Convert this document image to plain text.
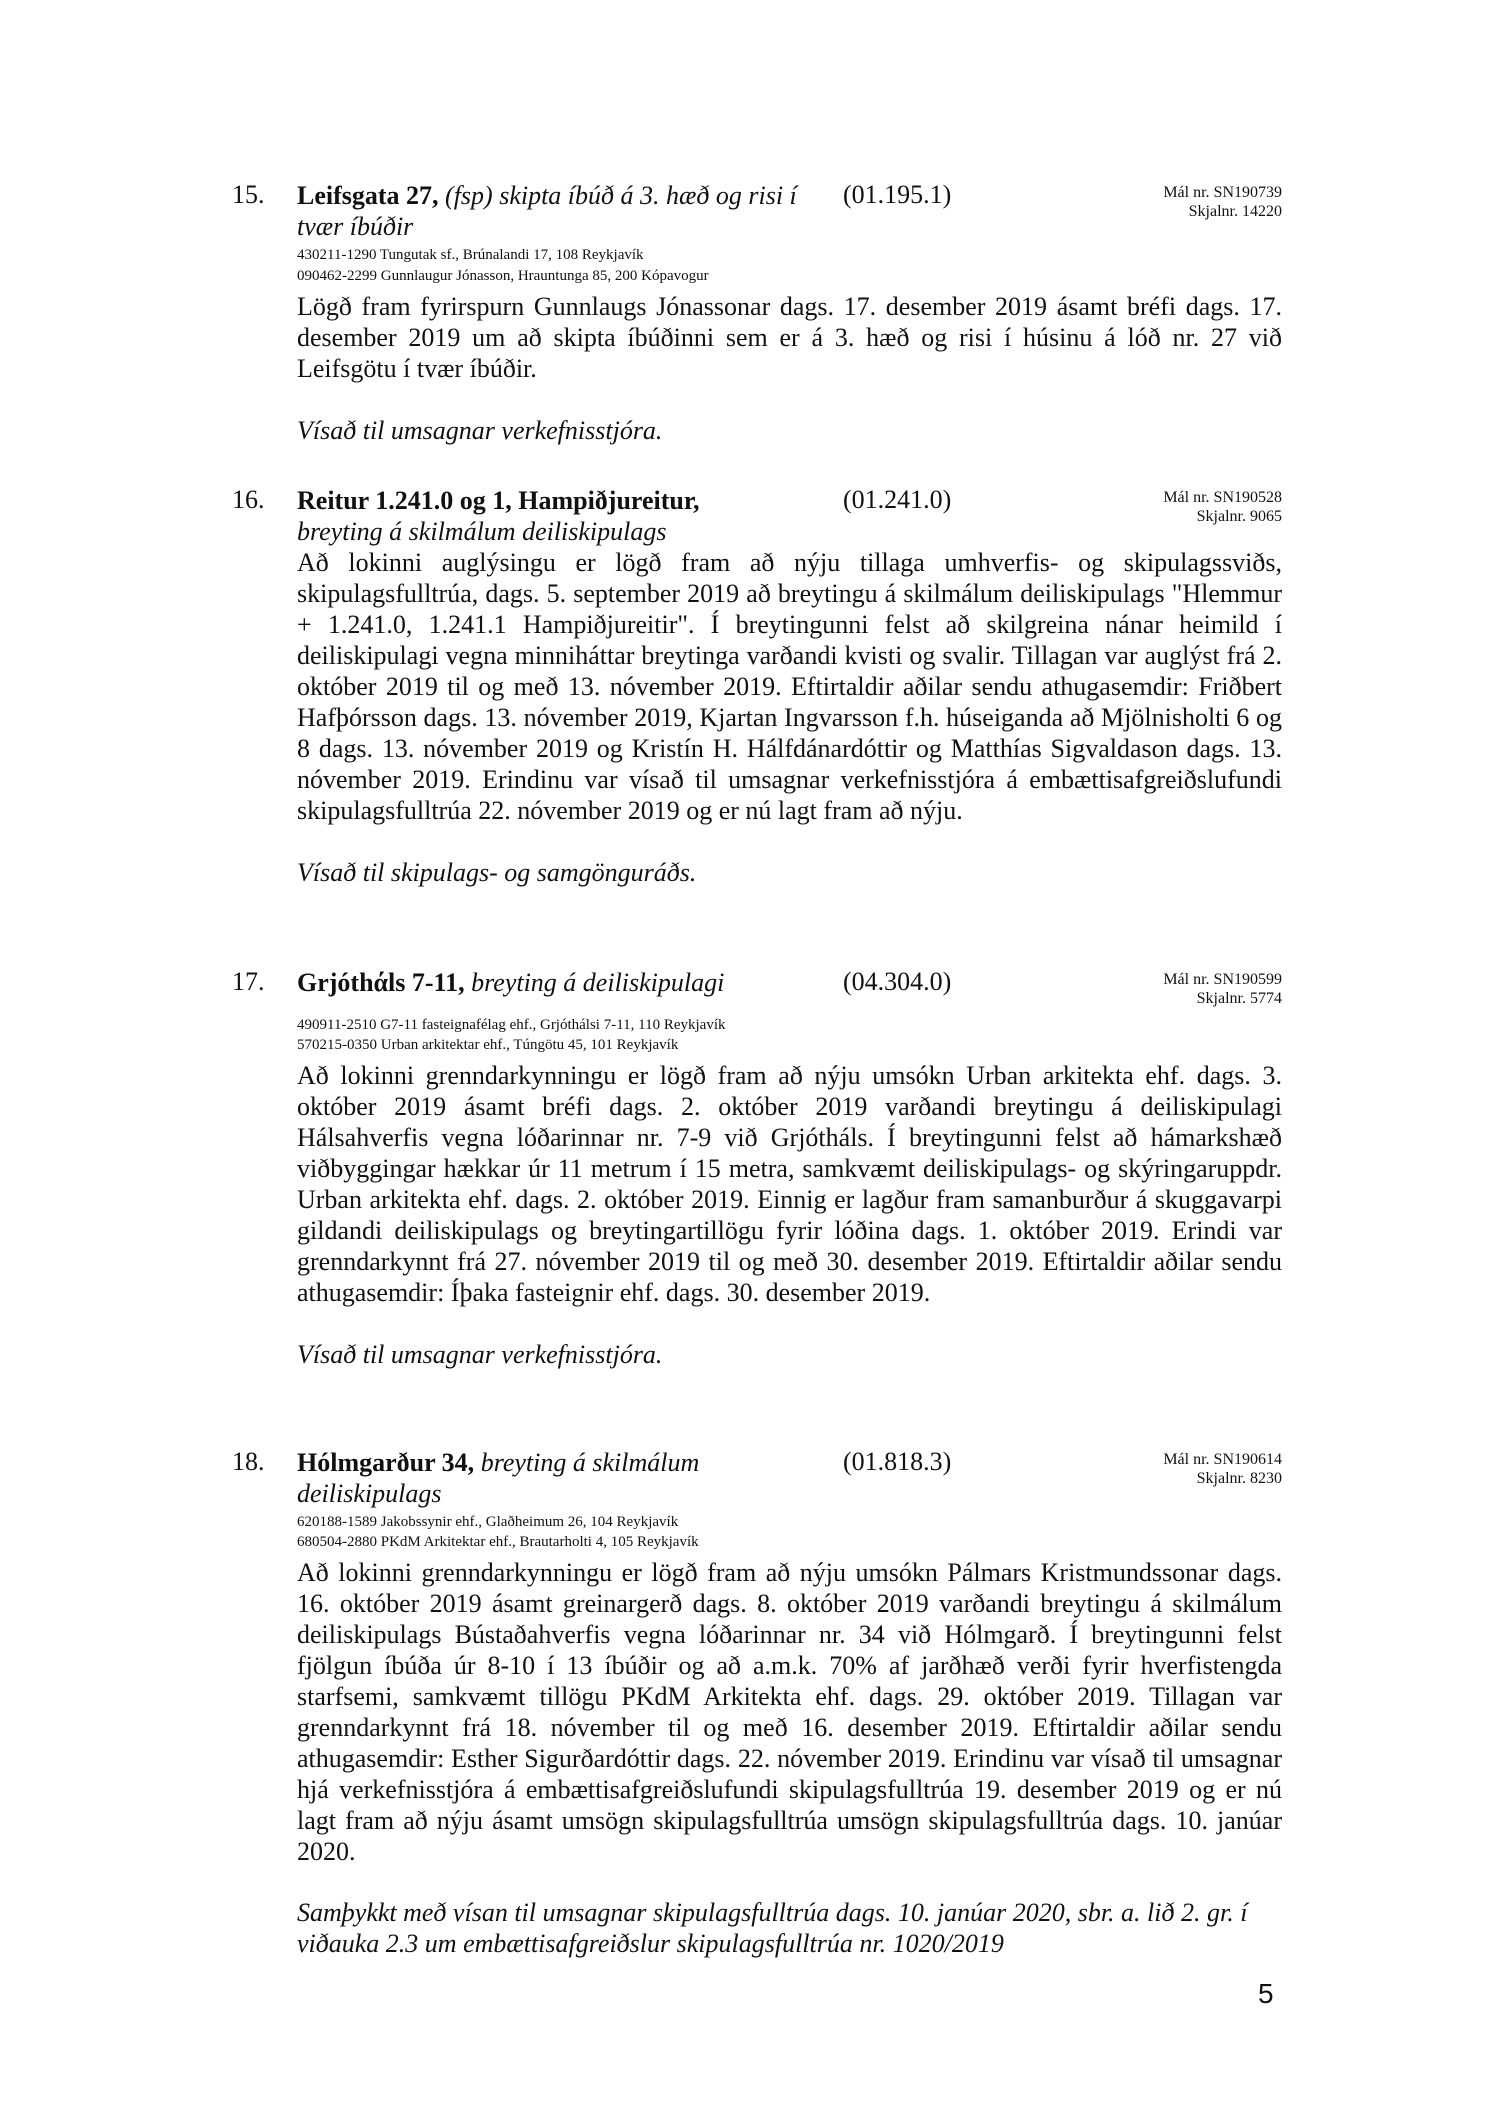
15. Leifsgata 27, (fsp) skipta íbúð á 3. hæð og risi í tvær íbúðir
(01.195.1)	Mál nr. SN190739
Skjalnr. 14220
430211-1290 Tungutak sf., Brúnalandi 17, 108 Reykjavík
090462-2299 Gunnlaugur Jónasson, Hrauntunga 85, 200 Kópavogur

Lögð fram fyrirspurn Gunnlaugs Jónassonar dags. 17. desember 2019 ásamt bréfi dags. 17. desember 2019 um að skipta íbúðinni sem er á 3. hæð og risi í húsinu á lóð nr. 27 við Leifsgötu í tvær íbúðir.

Vísað til umsagnar verkefnisstjóra.
16. Reitur 1.241.0 og 1, Hampiðjureitur,
breyting á skilmálum deiliskipulags
(01.241.0)	Mál nr. SN190528
Skjalnr. 9065

Að lokinni auglýsingu er lögð fram að nýju tillaga umhverfis- og skipulagssviðs, skipulagsfulltrúa, dags. 5. september 2019 að breytingu á skilmálum deiliskipulags "Hlemmur + 1.241.0, 1.241.1 Hampiðjureitir". Í breytingunni felst að skilgreina nánar heimild í deiliskipulagi vegna minniháttar breytinga varðandi kvisti og svalir. Tillagan var auglýst frá 2. október 2019 til og með 13. nóvember 2019. Eftirtaldir aðilar sendu athugasemdir: Friðbert Hafþórsson dags. 13. nóvember 2019, Kjartan Ingvarsson f.h. húseiganda að Mjölnisholti 6 og 8 dags. 13. nóvember 2019 og Kristín H. Hálfdánardóttir og Matthías Sigvaldason dags. 13. nóvember 2019. Erindinu var vísað til umsagnar verkefnisstjóra á embættisafgreiðslufundi skipulagsfulltrúa 22. nóvember 2019 og er nú lagt fram að nýju.

Vísað til skipulags- og samgönguráðs.
17. Grjóthάls 7-11, breyting á deiliskipulagi	(04.304.0)	Mál nr. SN190599
Skjalnr. 5774
490911-2510 G7-11 fasteignafélag ehf., Grjóthálsi 7-11, 110 Reykjavík
570215-0350 Urban arkitektar ehf., Túngötu 45, 101 Reykjavík

Að lokinni grenndarkynningu er lögð fram að nýju umsókn Urban arkitekta ehf. dags. 3. október 2019 ásamt bréfi dags. 2. október 2019 varðandi breytingu á deiliskipulagi Hálsahverfis vegna lóðarinnar nr. 7-9 við Grjótháls. Í breytingunni felst að hámarkshæð viðbyggingar hækkar úr 11 metrum í 15 metra, samkvæmt deiliskipulags- og skýringaruppdr. Urban arkitekta ehf. dags. 2. október 2019. Einnig er lagður fram samanburður á skuggavarpi gildandi deiliskipulags og breytingartillögu fyrir lóðina dags. 1. október 2019. Erindi var grenndarkynnt frá 27. nóvember 2019 til og með 30. desember 2019. Eftirtaldir aðilar sendu athugasemdir: Íþaka fasteignir ehf. dags. 30. desember 2019.

Vísað til umsagnar verkefnisstjóra.
18. Hólmgarður 34, breyting á skilmálum deiliskipulags
(01.818.3)	Mál nr. SN190614
Skjalnr. 8230
620188-1589 Jakobssynir ehf., Glaðheimum 26, 104 Reykjavík
680504-2880 PKdM Arkitektar ehf., Brautarholti 4, 105 Reykjavík

Að lokinni grenndarkynningu er lögð fram að nýju umsókn Pálmars Kristmundssonar dags. 16. október 2019 ásamt greinargerð dags. 8. október 2019 varðandi breytingu á skilmálum deiliskipulags Bústaðahverfis vegna lóðarinnar nr. 34 við Hólmgarð. Í breytingunni felst fjölgun íbúða úr 8-10 í 13 íbúðir og að a.m.k. 70% af jarðhæð verði fyrir hverfistengda starfsemi, samkvæmt tillögu PKdM Arkitekta ehf. dags. 29. október 2019. Tillagan var grenndarkynnt frá 18. nóvember til og með 16. desember 2019. Eftirtaldir aðilar sendu athugasemdir: Esther Sigurðardóttir dags. 22. nóvember 2019. Erindinu var vísað til umsagnar hjá verkefnisstjóra á embættisafgreiðslufundi skipulagsfulltrúa 19. desember 2019 og er nú lagt fram að nýju ásamt umsögn skipulagsfulltrúa umsögn skipulagsfulltrúa dags. 10. janúar 2020.

Samþykkt með vísan til umsagnar skipulagsfulltrúa dags. 10. janúar 2020, sbr. a. lið 2. gr. í viðauka 2.3 um embættisafgreiðslur skipulagsfulltrúa nr. 1020/2019
5
